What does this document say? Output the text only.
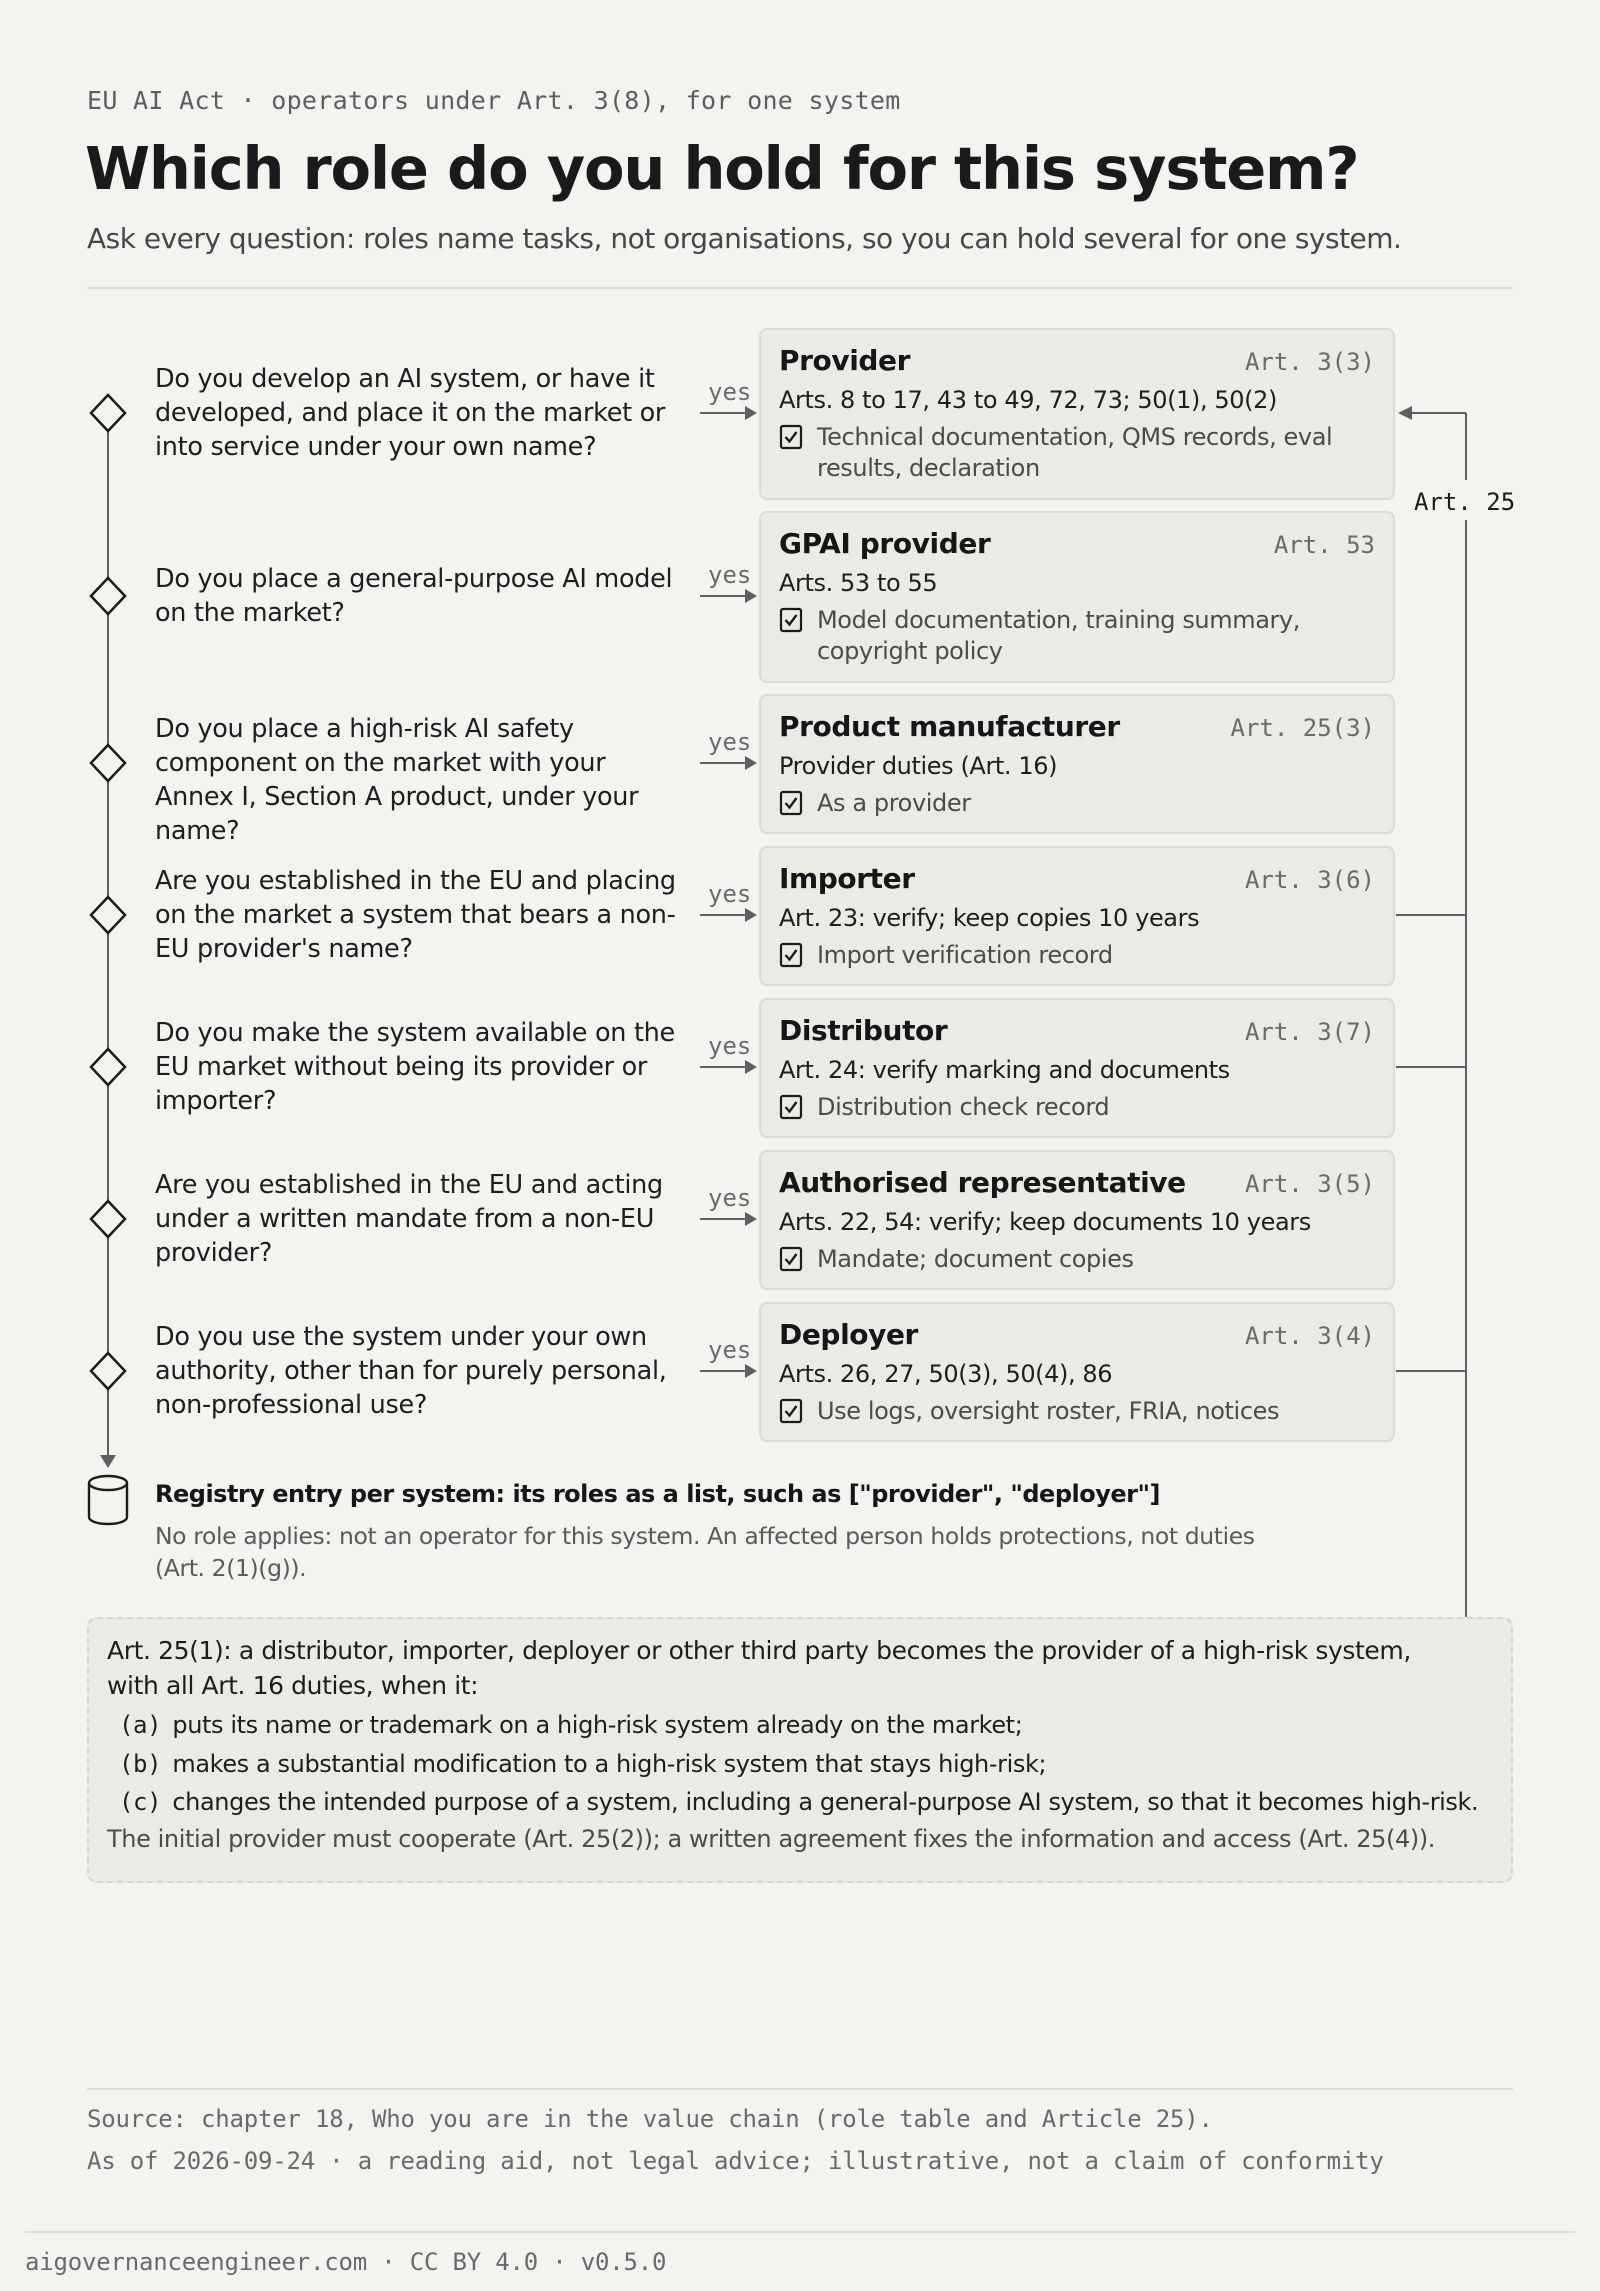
EU AI Act · operators under Art. 3(8), for one system
Which role do you hold for this system?

Ask every question: roles name tasks, not organisations, so you can hold several for one system.

Art. 25
Do you develop an AI system, or have it developed, and place it on the market or into service under your own name?
Do you place a general-purpose AI model on the market?
Do you place a high-risk AI safety component on the market with your Annex I, Section A product, under your name?
Are you established in the EU and placing on the market a system that bears a non-EU provider's name?
Do you make the system available on the EU market without being its provider or importer?
Are you established in the EU and acting under a written mandate from a non-EU provider?
Do you use the system under your own authority, other than for purely personal, non-professional use?
yes
yes
yes
yes
yes
yes
yes
Provider	Art. 3(3)
Arts. 8 to 17, 43 to 49, 72, 73; 50(1), 50(2)
Technical documentation, QMS records, eval results, declaration
GPAI provider	Art. 53
Arts. 53 to 55
Model documentation, training summary, copyright policy
Product manufacturer	Art. 25(3)
Provider duties (Art. 16)
As a provider
Importer	Art. 3(6)
Art. 23: verify; keep copies 10 years
Import verification record
Distributor	Art. 3(7)
Art. 24: verify marking and documents
Distribution check record
Authorised representative Art. 3(5)
Arts. 22, 54: verify; keep documents 10 years
Mandate; document copies
Deployer	Art. 3(4)
Arts. 26, 27, 50(3), 50(4), 86
Use logs, oversight roster, FRIA, notices
Registry entry per system: its roles as a list, such as ["provider", "deployer"]
No role applies: not an operator for this system. An affected person holds protections, not duties (Art. 2(1)(g)).
Art. 25(1): a distributor, importer, deployer or other third party becomes the provider of a high-risk system, with all Art. 16 duties, when it:
(a) puts its name or trademark on a high-risk system already on the market;
(b) makes a substantial modification to a high-risk system that stays high-risk;
(c) changes the intended purpose of a system, including a general-purpose AI system, so that it becomes high-risk.
The initial provider must cooperate (Art. 25(2)); a written agreement fixes the information and access (Art. 25(4)).
Source: chapter 18, Who you are in the value chain (role table and Article 25).
As of 2026-09-24 · a reading aid, not legal advice; illustrative, not a claim of conformity
aigovernanceengineer.com · CC BY 4.0 · v0.5.0
